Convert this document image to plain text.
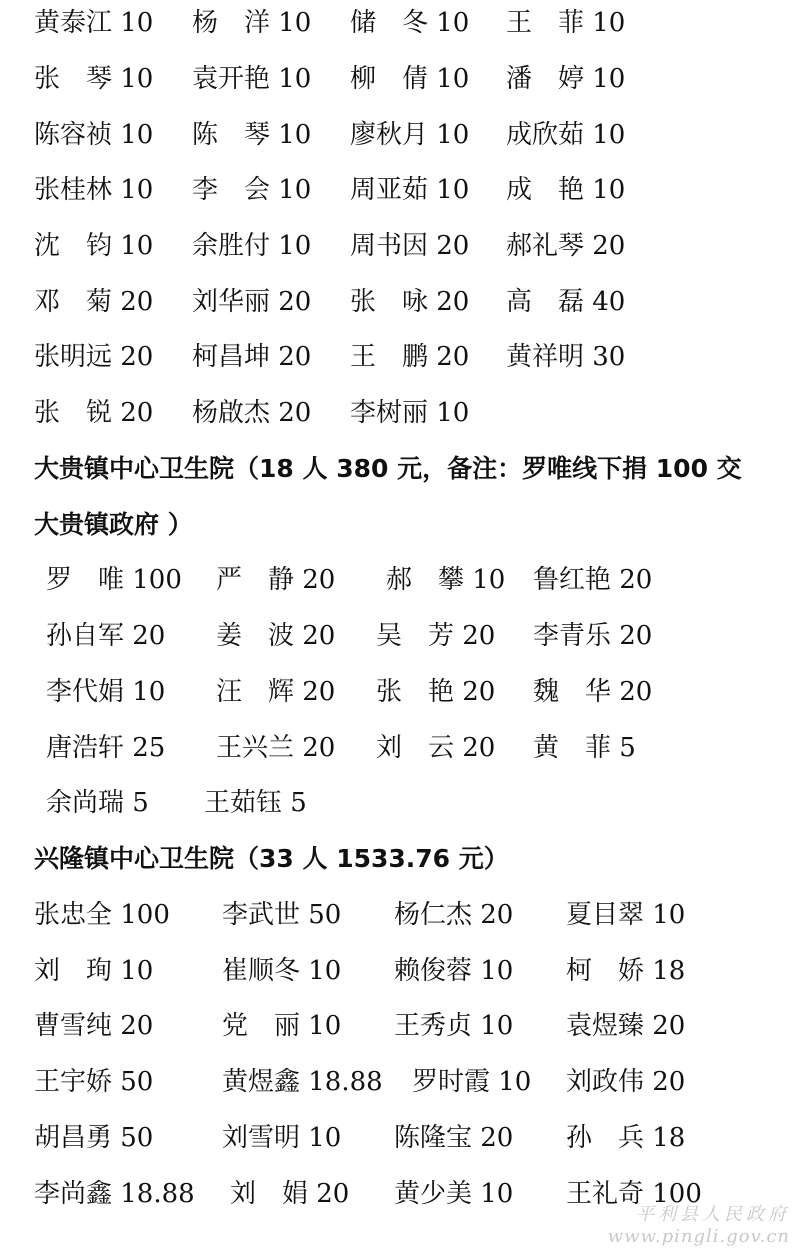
黄泰江 10 杨　洋 10 储　冬 10 王　菲 10
张　琴 10 袁开艳 10 柳　倩 10 潘　婷 10
陈容祯 10 陈　琴 10 廖秋月 10 成欣茹 10
张桂林 10 李　会 10 周亚茹 10 成　艳 10
沈　钧 10 余胜付 10 周书因 20 郝礼琴 20
邓　菊 20 刘华丽 20 张　咏 20 高　磊 40
张明远 20 柯昌坤 20 王　鹏 20 黄祥明 30
张　锐 20 杨啟杰 20 李树丽 10
大贵镇中心卫生院（18 人 380 元，备注：罗唯线下捐 100 交
大贵镇政府 ）
罗　唯 100 严　静 20 郝　攀 10 鲁红艳 20
孙自军 20 姜　波 20 吴　芳 20 李青乐 20
李代娟 10 汪　辉 20 张　艳 20 魏　华 20
唐浩轩 25 王兴兰 20 刘　云 20 黄　菲 5
余尚瑞 5 王茹钰 5
兴隆镇中心卫生院（33 人 1533.76 元）
张忠全 100 李武世 50 杨仁杰 20 夏目翠 10
刘　珣 10	崔顺冬 10 赖俊蓉 10 柯　娇 18
曹雪纯 20	党　丽 10 王秀贞 10 袁煜臻 20
王宇娇 50	黄煜鑫 18.88 罗时霞 10 刘政伟 20
胡昌勇 50	刘雪明 10 陈隆宝 20 孙　兵 18
李尚鑫 18.88 刘　娟 20 黄少美 10 王礼奇 100
平利县人民政府
www.pingli.gov.cn
